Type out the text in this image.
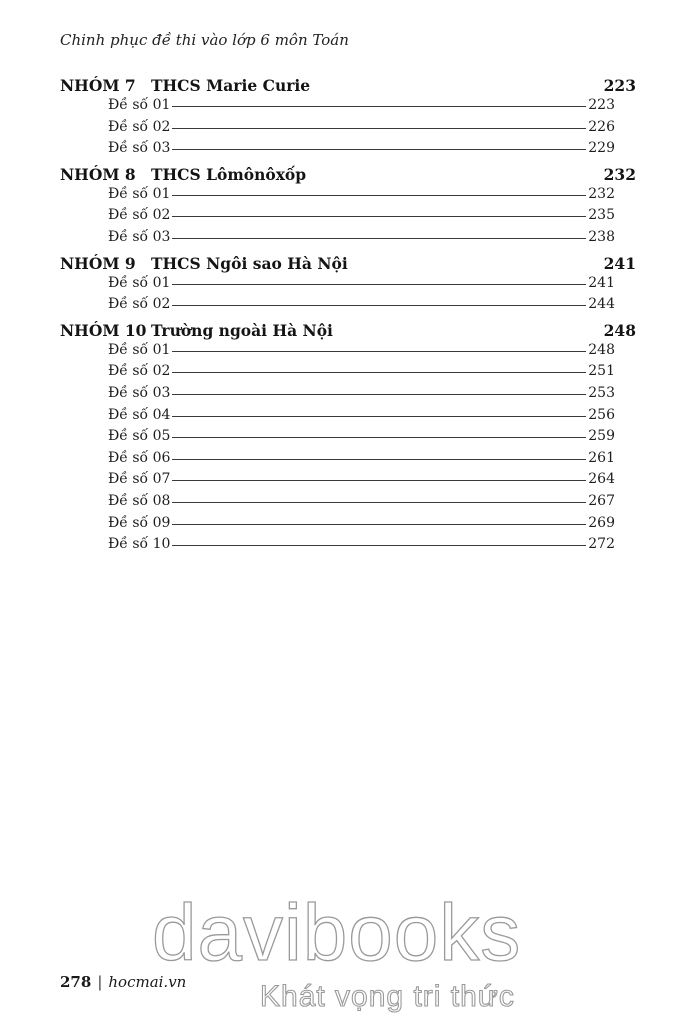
Chinh phục đề thi vào lớp 6 môn Toán
NHÓM 7 THCS Marie Curie	223
Đề số 01	223
Đề số 02	226
Đề số 03	229
NHÓM 8 THCS Lômônôxốp	232
Đề số 01	232
Đề số 02	235
Đề số 03	238
NHÓM 9 THCS Ngôi sao Hà Nội	241
Đề số 01	241
Đề số 02	244
NHÓM 10 Trường ngoài Hà Nội	248
Đề số 01	248
Đề số 02	251
Đề số 03	253
Đề số 04	256
Đề số 05	259
Đề số 06	261
Đề số 07	264
Đề số 08	267
Đề số 09	269
Đề số 10	272
278 | hocmai.vn
davibooks
Khát vọng tri thức
